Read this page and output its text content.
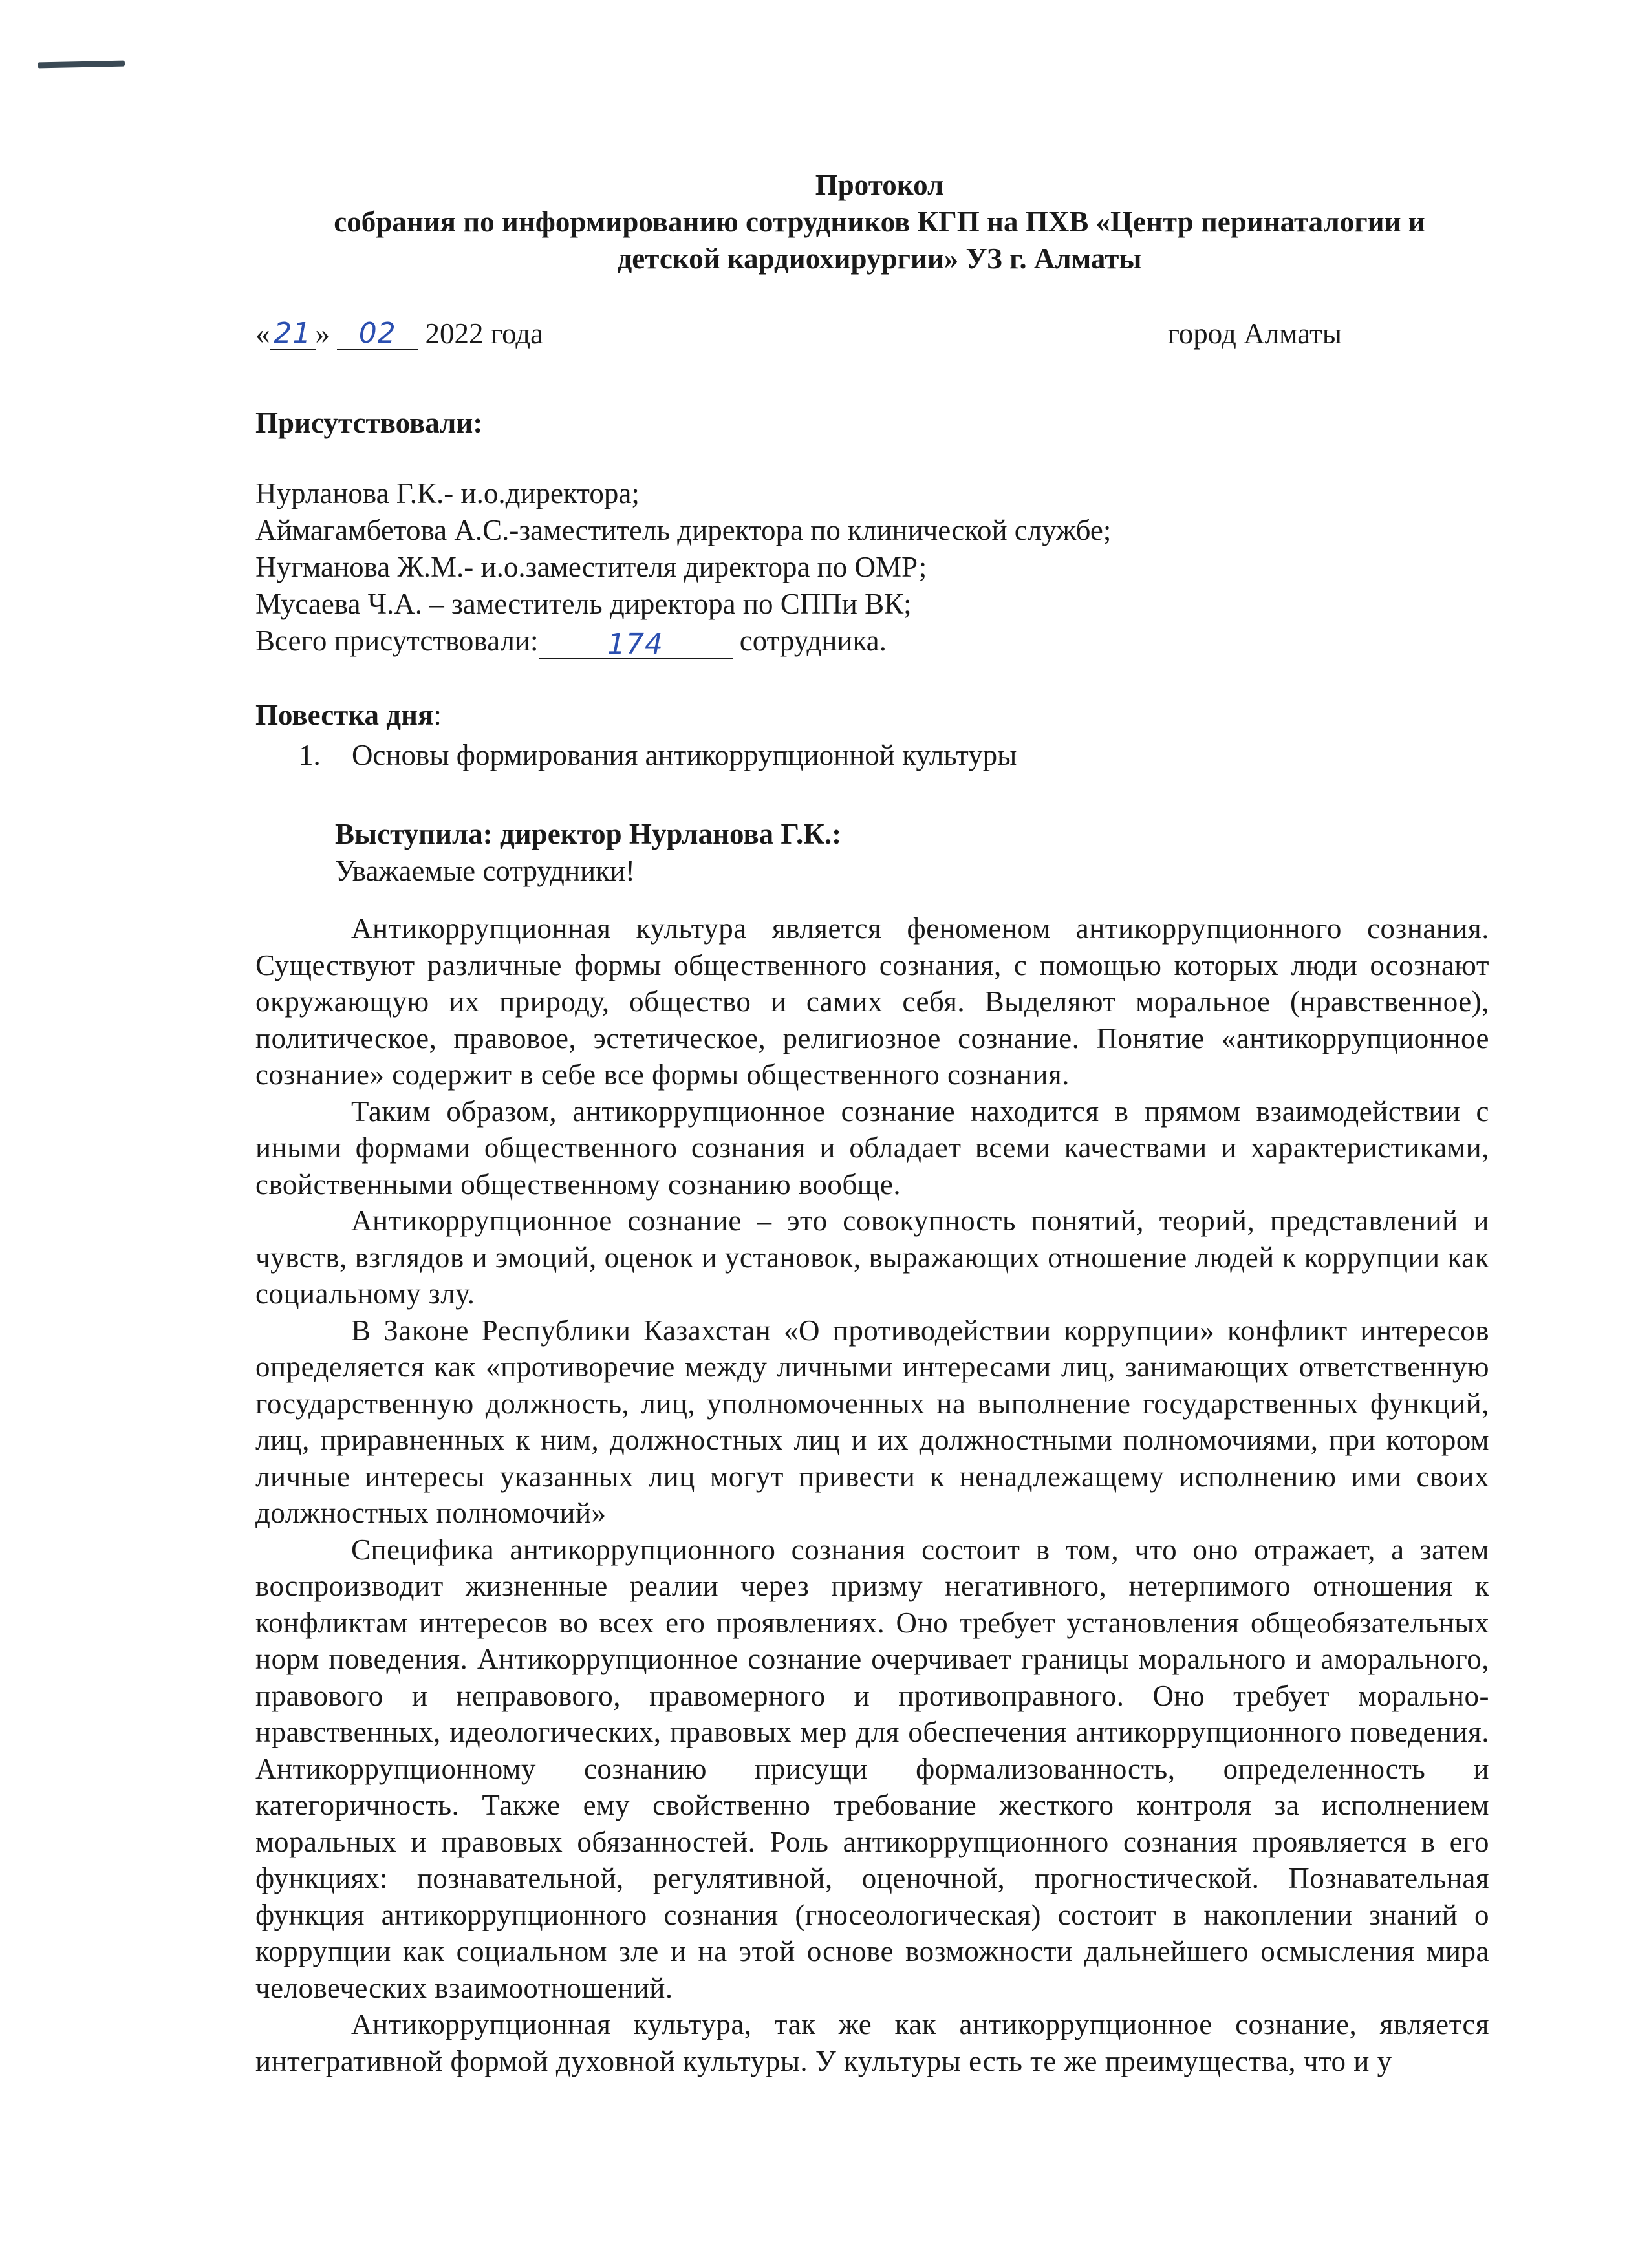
Протокол
собрания по информированию сотрудников КГП на ПХВ «Центр перинаталогии и
детской кардиохирургии» УЗ г. Алматы
« 21 »	02 2022 года	город Алматы
Присутствовали:
Нурланова Г.К.- и.о.директора;
Аймагамбетова А.С.-заместитель директора по клинической службе;
Нугманова Ж.М.- и.о.заместителя директора по ОМР;
Мусаева Ч.А. – заместитель директора по СППи ВК;
Всего присутствовали:	174	сотрудника.
Повестка дня:
1. Основы формирования антикоррупционной культуры
Выступила: директор Нурланова Г.К.:
Уважаемые сотрудники!

Антикоррупционная культура является феноменом антикоррупционного сознания. Существуют различные формы общественного сознания, с помощью которых люди осознают окружающую их природу, общество и самих себя. Выделяют моральное (нравственное), политическое, правовое, эстетическое, религиозное сознание. Понятие «антикоррупционное сознание» содержит в себе все формы общественного сознания.

Таким образом, антикоррупционное сознание находится в прямом взаимодействии с иными формами общественного сознания и обладает всеми качествами и характеристиками, свойственными общественному сознанию вообще.

Антикоррупционное сознание – это совокупность понятий, теорий, представлений и чувств, взглядов и эмоций, оценок и установок, выражающих отношение людей к коррупции как социальному злу.

В Законе Республики Казахстан «О противодействии коррупции» конфликт интересов определяется как «противоречие между личными интересами лиц, занимающих ответственную государственную должность, лиц, уполномоченных на выполнение государственных функций, лиц, приравненных к ним, должностных лиц и их должностными полномочиями, при котором личные интересы указанных лиц могут привести к ненадлежащему исполнению ими своих должностных полномочий»

Специфика антикоррупционного сознания состоит в том, что оно отражает, а затем воспроизводит жизненные реалии через призму негативного, нетерпимого отношения к конфликтам интересов во всех его проявлениях. Оно требует установления общеобязательных норм поведения. Антикоррупционное сознание очерчивает границы морального и аморального, правового и неправового, правомерного и противоправного. Оно требует морально-нравственных, идеологических, правовых мер для обеспечения антикоррупционного поведения. Антикоррупционному сознанию присущи формализованность, определенность и категоричность. Также ему свойственно требование жесткого контроля за исполнением моральных и правовых обязанностей. Роль антикоррупционного сознания проявляется в его функциях: познавательной, регулятивной, оценочной, прогностической. Познавательная функция антикоррупционного сознания (гносеологическая) состоит в накоплении знаний о коррупции как социальном зле и на этой основе возможности дальнейшего осмысления мира человеческих взаимоотношений.

Антикоррупционная культура, так же как антикоррупционное сознание, является интегративной формой духовной культуры. У культуры есть те же преимущества, что и у
